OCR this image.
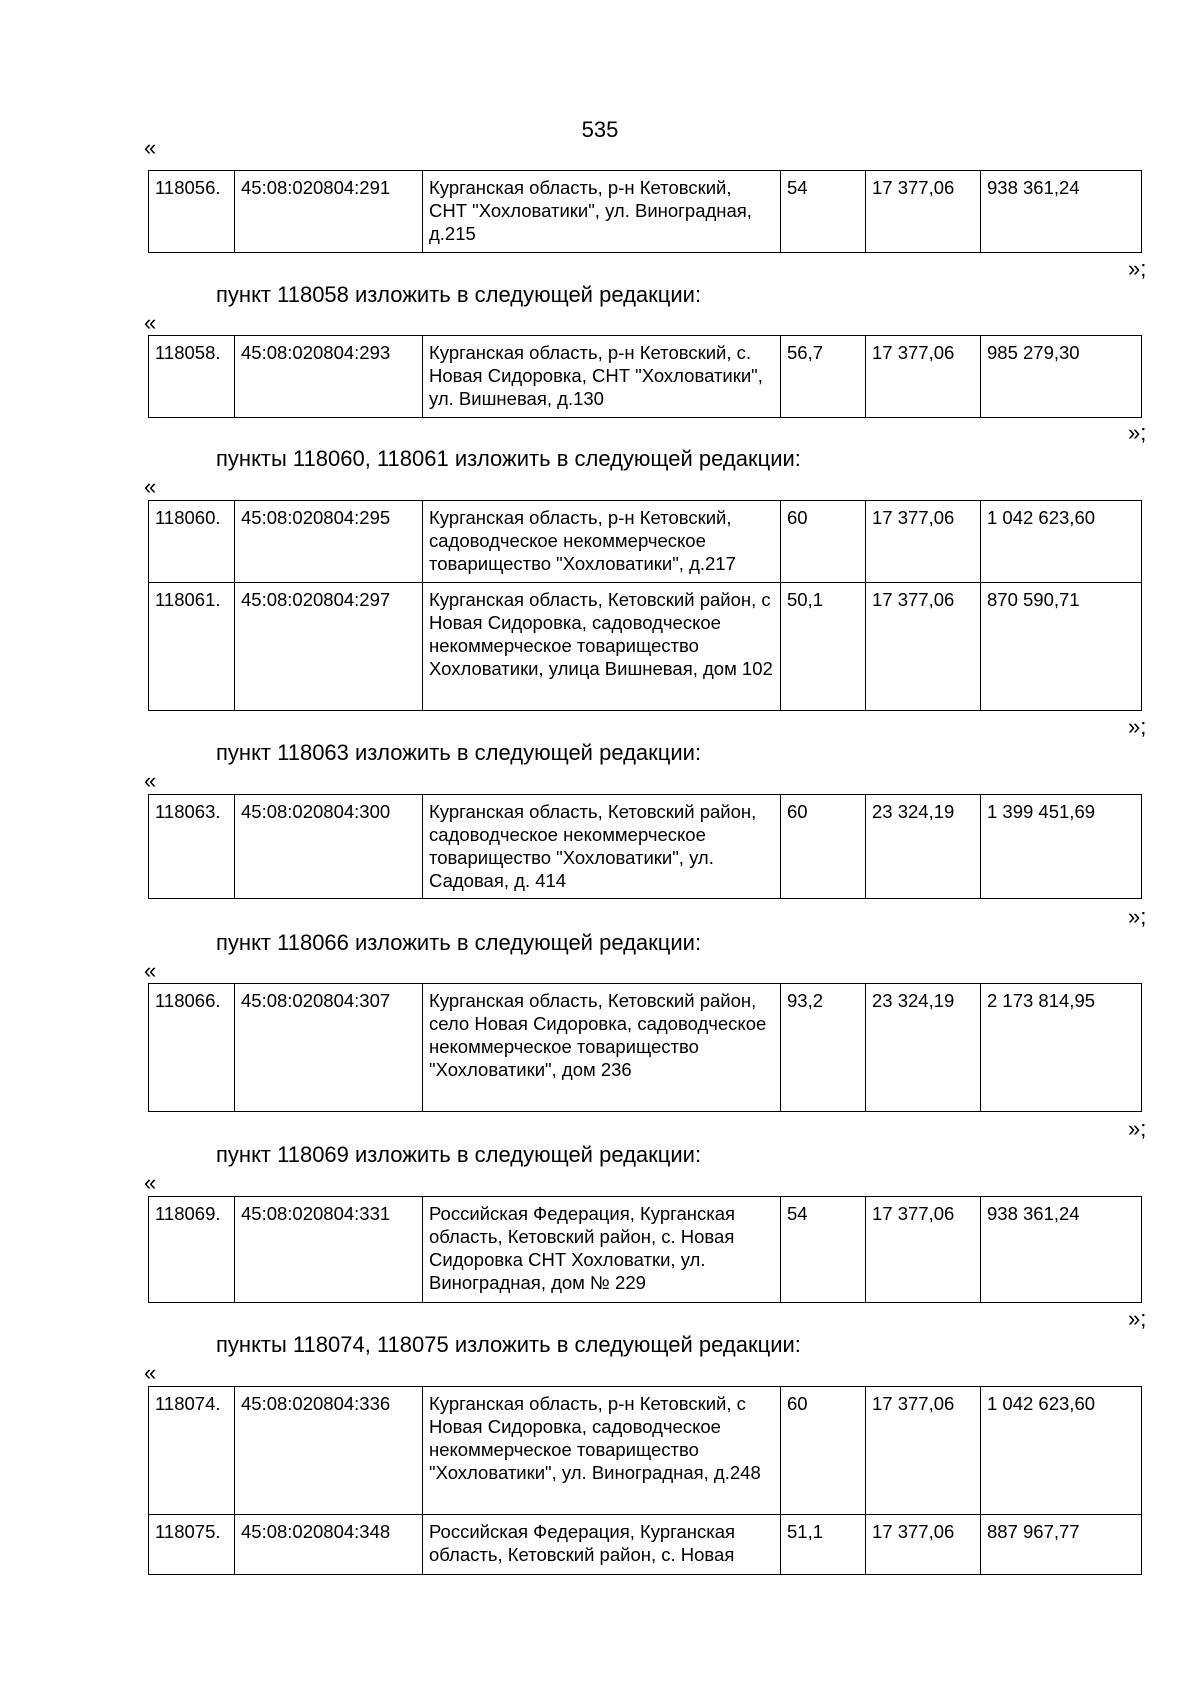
535
«
118056.	45:08:020804:291	Курганская область, р-н Кетовский, СНТ "Хохловатики", ул. Виноградная, д.215	54	17 377,06	938 361,24
»;
пункт 118058 изложить в следующей редакции:
«
118058.	45:08:020804:293	Курганская область, р-н Кетовский, с. Новая Сидоровка, СНТ "Хохловатики", ул. Вишневая, д.130	56,7	17 377,06	985 279,30
»;
пункты 118060, 118061 изложить в следующей редакции:
«
118060.	45:08:020804:295	Курганская область, р-н Кетовский, садоводческое некоммерческое товарищество "Хохловатики", д.217	60	17 377,06	1 042 623,60
118061.	45:08:020804:297	Курганская область, Кетовский район, с Новая Сидоровка, садоводческое некоммерческое товарищество Хохловатики, улица Вишневая, дом 102	50,1	17 377,06	870 590,71
»;
пункт 118063 изложить в следующей редакции:
«
118063.	45:08:020804:300	Курганская область, Кетовский район, садоводческое некоммерческое товарищество "Хохловатики", ул. Садовая, д. 414	60	23 324,19	1 399 451,69
»;
пункт 118066 изложить в следующей редакции:
«
118066.	45:08:020804:307	Курганская область, Кетовский район, село Новая Сидоровка, садоводческое некоммерческое товарищество "Хохловатики", дом 236	93,2	23 324,19	2 173 814,95
»;
пункт 118069 изложить в следующей редакции:
«
118069.	45:08:020804:331	Российская Федерация, Курганская область, Кетовский район, с. Новая Сидоровка СНТ Хохловатки, ул. Виноградная, дом № 229	54	17 377,06	938 361,24
»;
пункты 118074, 118075 изложить в следующей редакции:
«
118074.	45:08:020804:336	Курганская область, р-н Кетовский, с Новая Сидоровка, садоводческое некоммерческое товарищество "Хохловатики", ул. Виноградная, д.248	60	17 377,06	1 042 623,60
118075.	45:08:020804:348	Российская Федерация, Курганская область, Кетовский район, с. Новая	51,1	17 377,06	887 967,77
